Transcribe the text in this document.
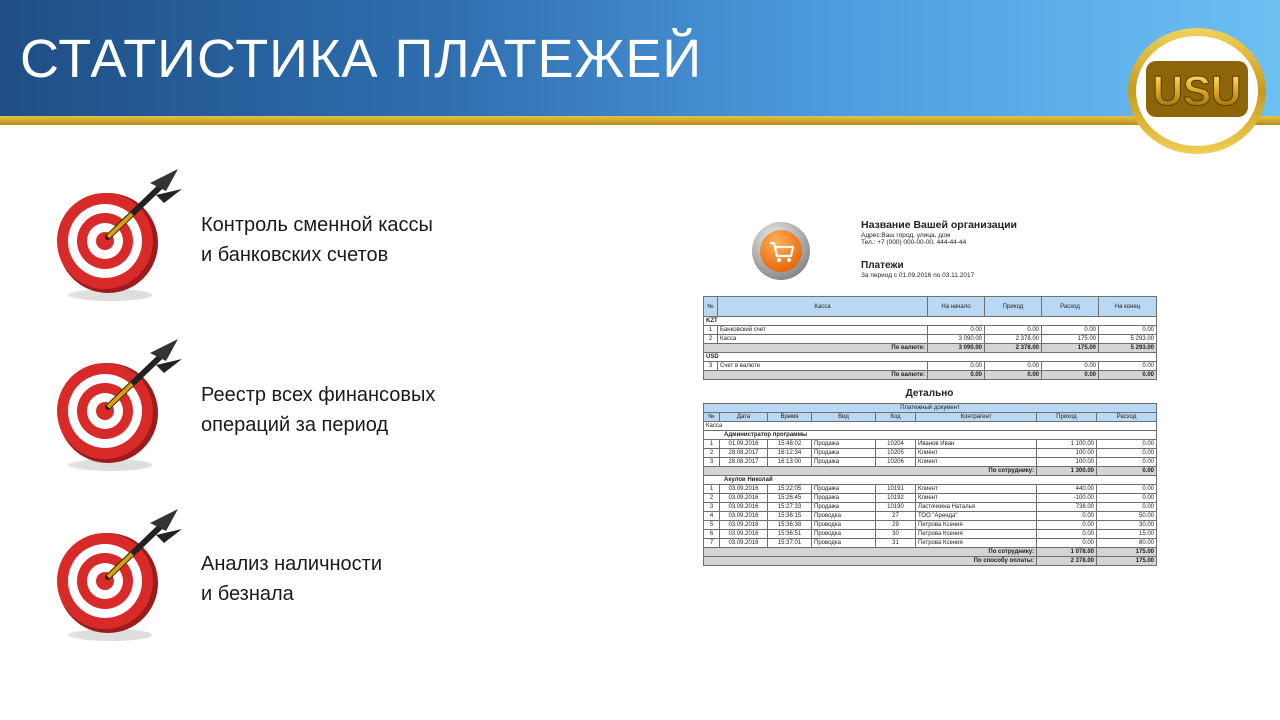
СТАТИСТИКА ПЛАТЕЖЕЙ
USU
Контроль сменной кассы
и банковских счетов
Реестр всех финансовых
операций за период
Анализ наличности
и безнала
Название Вашей организации
Адрес:Ваш город, улица, дом
Тел.: +7 (000) 000-00-00, 444-44-44
Платежи
За период с 01.09.2016 по 03.11.2017
№	Касса	На начало	Приход	Расход	На конец
KZT					
1	Банковский счет	0.00	0.00	0.00	0.00
2	Касса	3 090.00	2 378.00	175.00	5 293.00
По валюте:		3 090.00	2 378.00	175.00	5 293.00
USD					
3	Счет в валюте	0.00	0.00	0.00	0.00
По валюте:		0.00	0.00	0.00	0.00
Детально
Платежный документ							
№	Дата	Время	Вид	Код	Контрагент	Приход	Расход
Касса							
Администратор программы							
1	01.09.2016	15:48:02	Продажа	10204	Иванов Иван	1 100.00	0.00
2	28.08.2017	16:12:34	Продажа	10205	Клиент	100.00	0.00
3	28.08.2017	16:13:00	Продажа	10206	Клиент	100.00	0.00
По сотруднику:						1 300.00	0.00
Акулов Николай							
1	03.09.2016	15:22:05	Продажа	10191	Клиент	440.00	0.00
2	03.09.2016	15:26:45	Продажа	10192	Клиент	-100.00	0.00
3	03.09.2016	15:27:33	Продажа	10190	Ласточкина Наталья	738.00	0.00
4	03.09.2016	15:36:15	Проводка	27	ТОО "Аренда"	0.00	50.00
5	03.09.2016	15:36:38	Проводка	29	Петрова Ксения	0.00	30.00
6	03.09.2016	15:36:51	Проводка	30	Петрова Ксения	0.00	15.00
7	03.09.2016	15:37:01	Проводка	31	Петрова Ксения	0.00	80.00
По сотруднику:						1 078.00	175.00
По способу оплаты:						2 378.00	175.00
